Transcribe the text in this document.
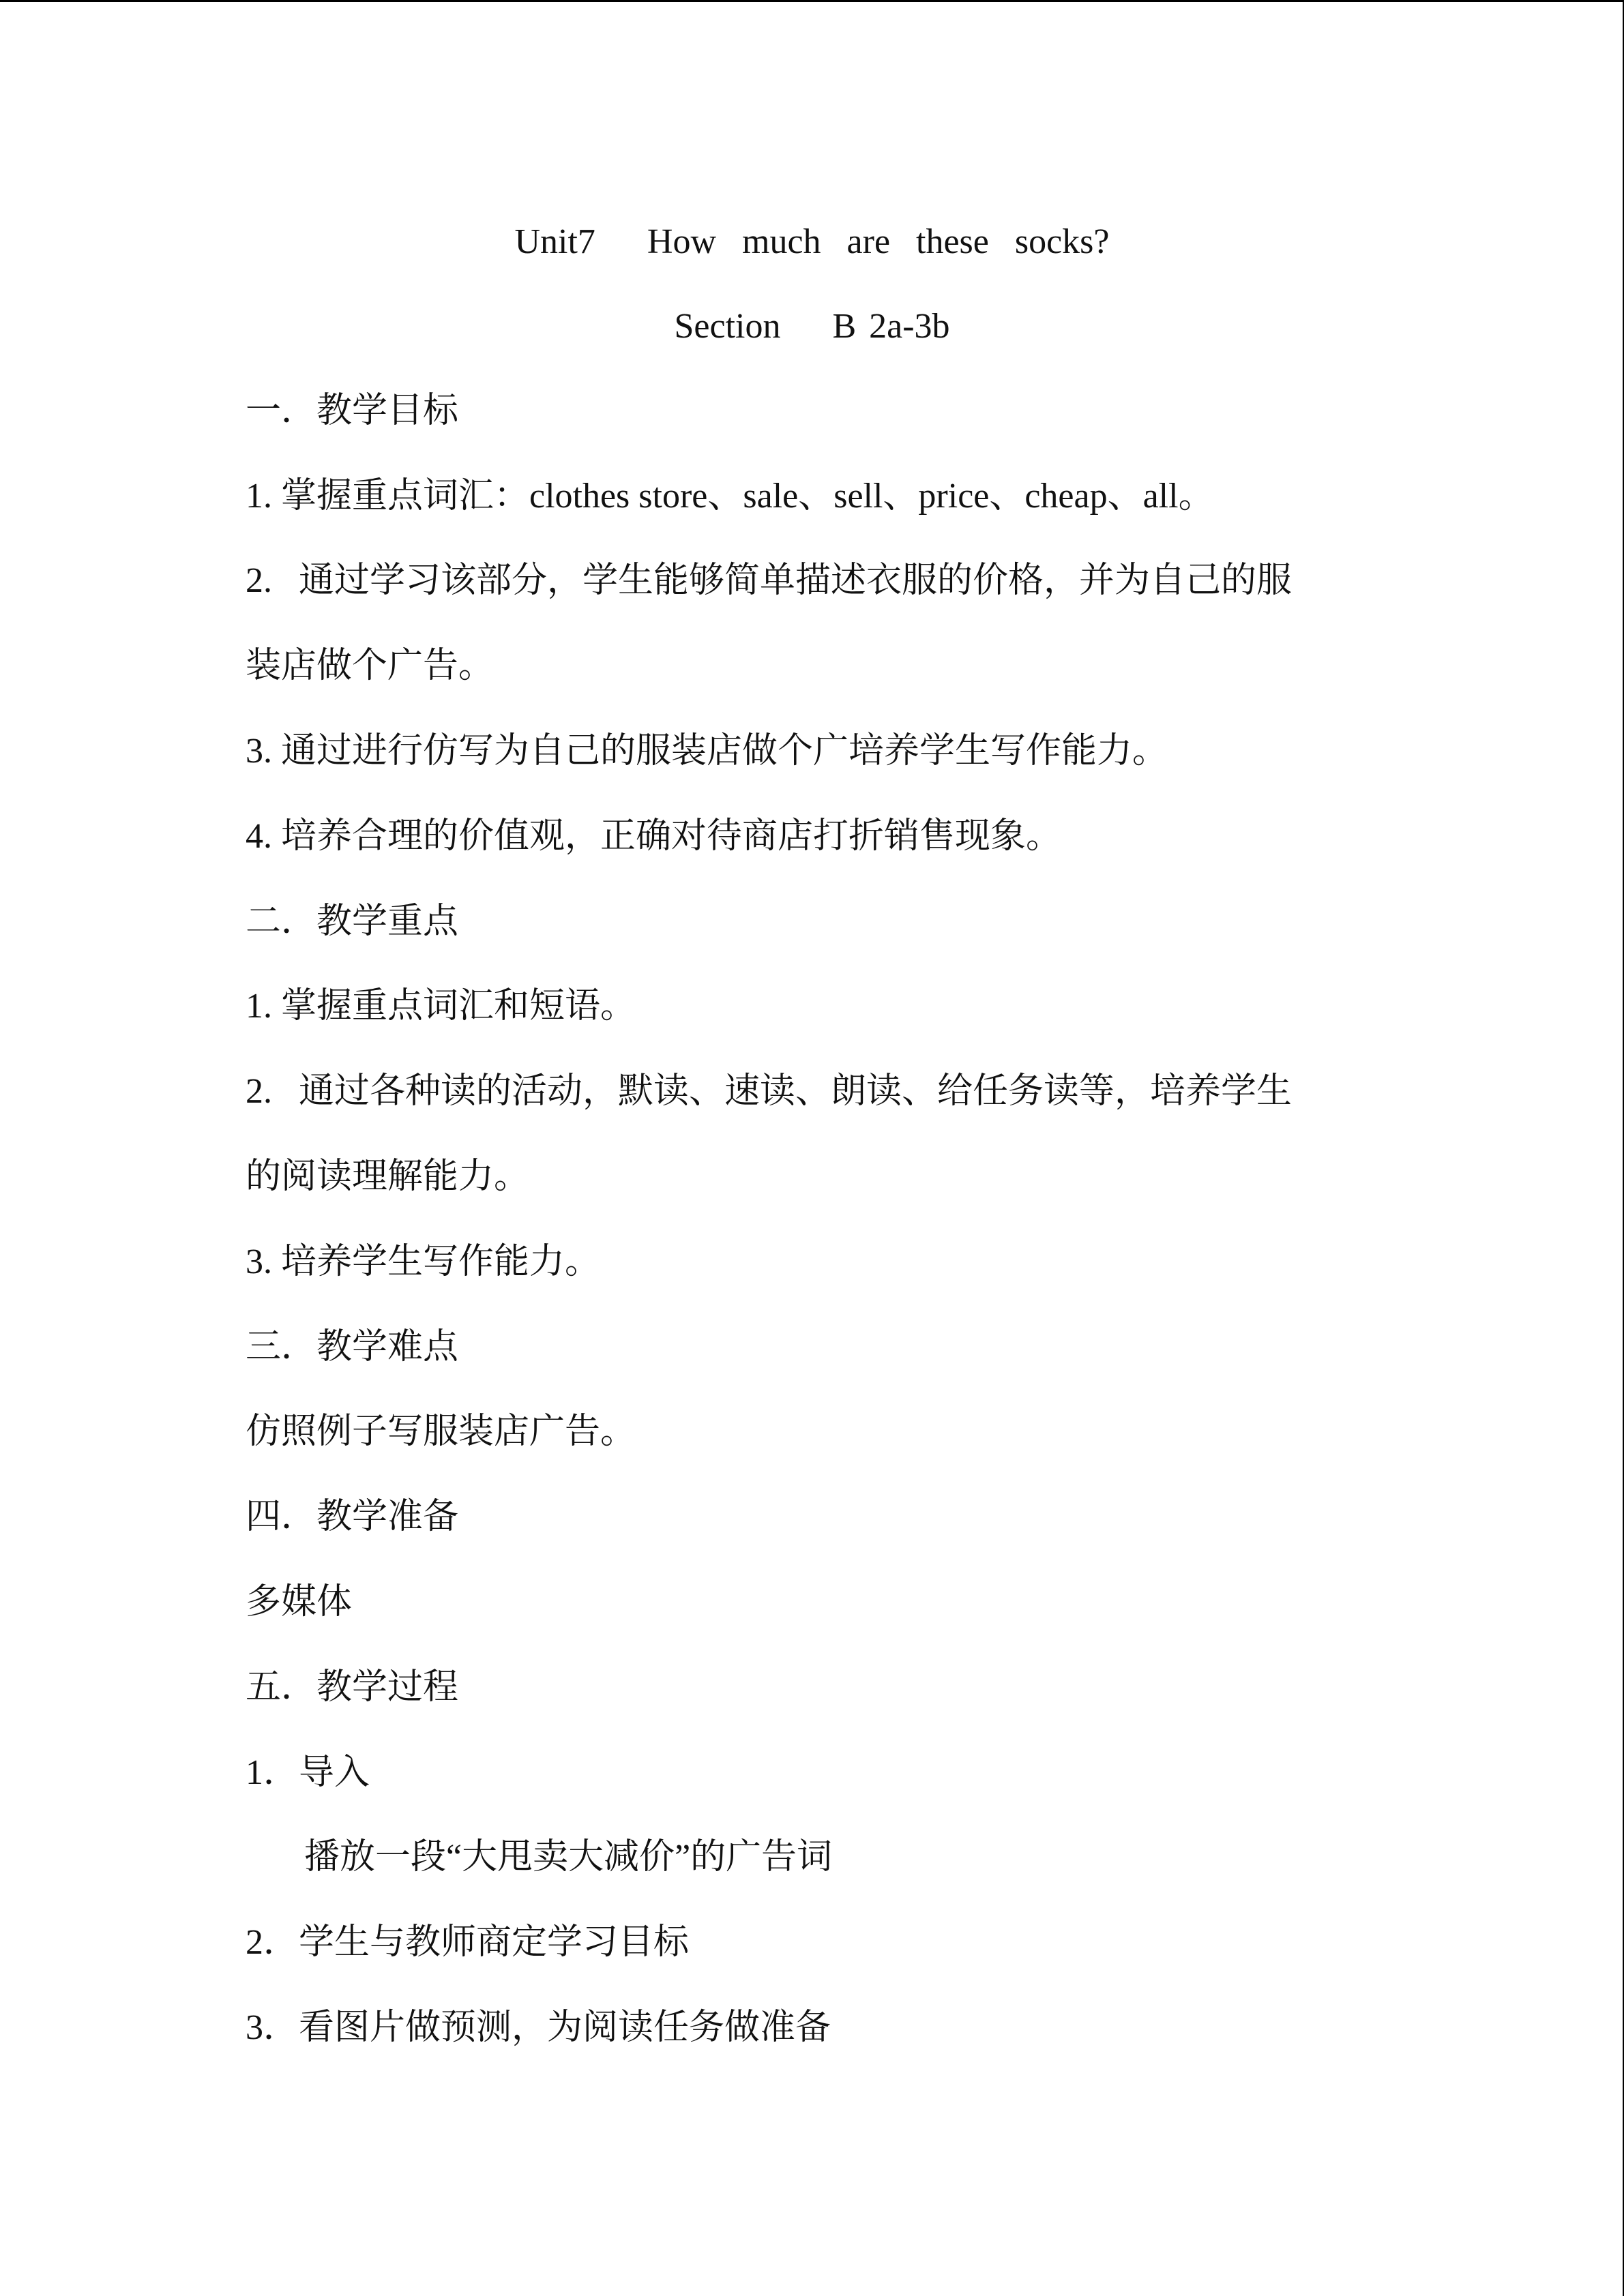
Unit7    How  much  are  these  socks?
Section    B 2a-3b
一．教学目标
1. 掌握重点词汇：clothes store、sale、sell、price、cheap、all。
2.   通过学习该部分，学生能够简单描述衣服的价格，并为自己的服
装店做个广告。
3. 通过进行仿写为自己的服装店做个广培养学生写作能力。
4. 培养合理的价值观，正确对待商店打折销售现象。
二．教学重点
1. 掌握重点词汇和短语。
2.   通过各种读的活动，默读、速读、朗读、给任务读等，培养学生
的阅读理解能力。
3. 培养学生写作能力。
三．教学难点
仿照例子写服装店广告。
四．教学准备
多媒体
五．教学过程
1．导入
播放一段“大甩卖大减价”的广告词
2．学生与教师商定学习目标
3．看图片做预测，为阅读任务做准备
